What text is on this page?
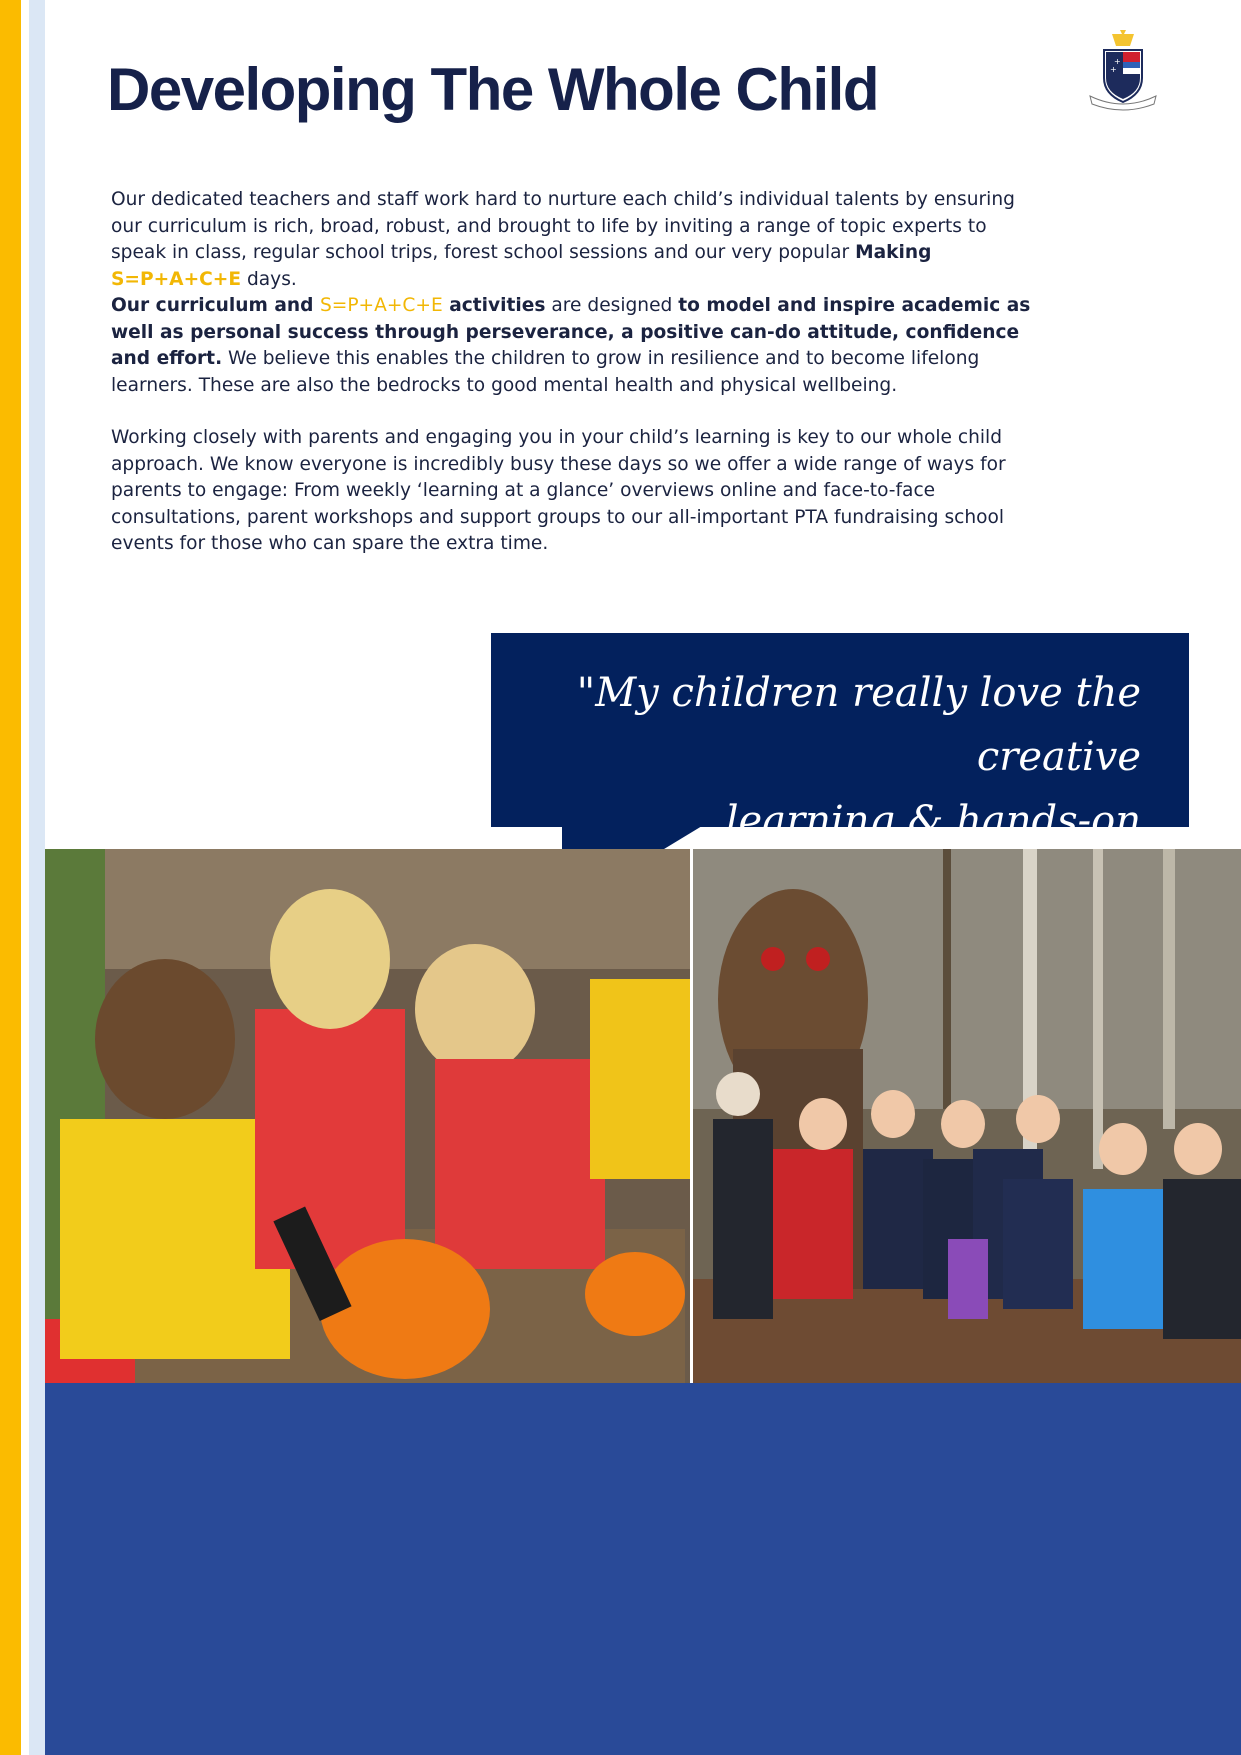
Developing The Whole Child	+
+

Our dedicated teachers and staff work hard to nurture each child’s individual talents by ensuring our curriculum is rich, broad, robust, and brought to life by inviting a range of topic experts to speak in class, regular school trips, forest school sessions and our very popular Making S=P+A+C+E days.

Our curriculum and S=P+A+C+E activities are designed to model and inspire academic as well as personal success through perseverance, a positive can-do attitude, confidence and effort. We believe this enables the children to grow in resilience and to become lifelong learners. These are also the bedrocks to good mental health and physical wellbeing.

Working closely with parents and engaging you in your child’s learning is key to our whole child approach. We know everyone is incredibly busy these days so we offer a wide range of ways for parents to engage: From weekly ‘learning at a glance’ overviews online and face-to-face consultations, parent workshops and support groups to our all-important PTA fundraising school events for those who can spare the extra time.

"My children really love the creative
learning & hands-on
